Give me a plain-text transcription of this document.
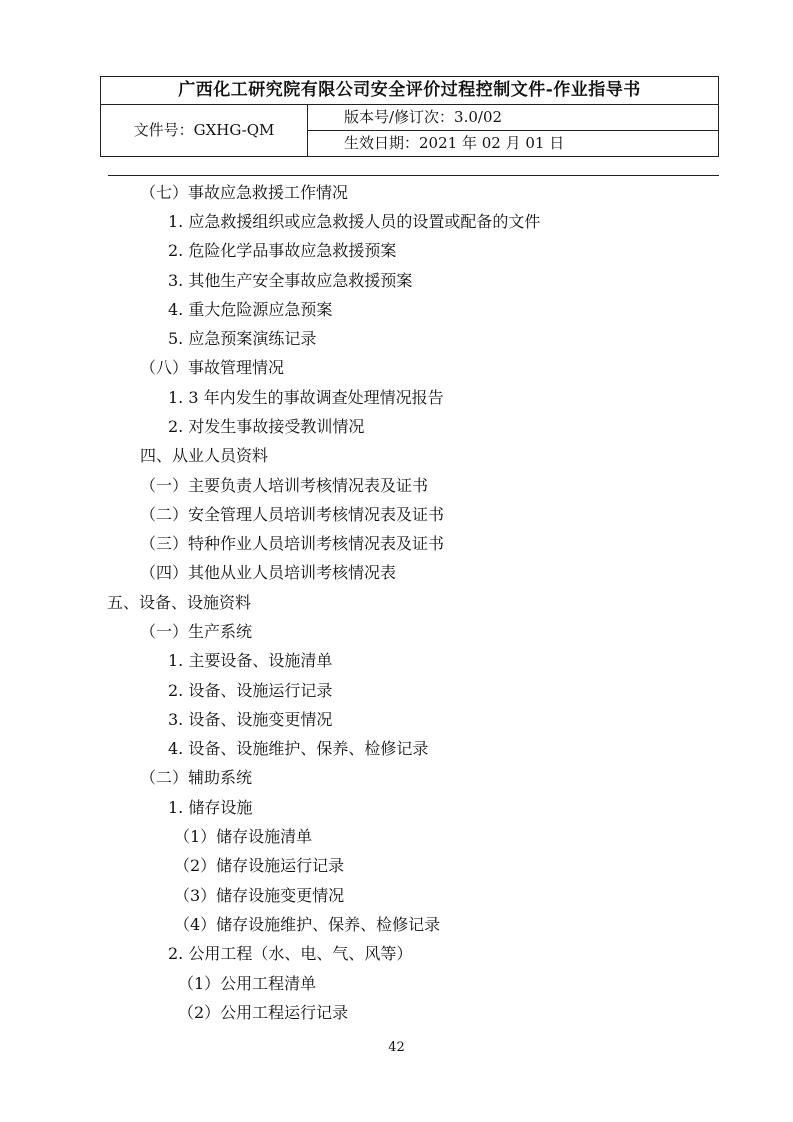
广西化工研究院有限公司安全评价过程控制文件-作业指导书
文件号：GXHG-QM
版本号/修订次：3.0/02
生效日期：2021 年 02 月 01 日
（七）事故应急救援工作情况
1. 应急救援组织或应急救援人员的设置或配备的文件
2. 危险化学品事故应急救援预案
3. 其他生产安全事故应急救援预案
4. 重大危险源应急预案
5. 应急预案演练记录
（八）事故管理情况
1. 3 年内发生的事故调查处理情况报告
2. 对发生事故接受教训情况
四、从业人员资料
（一）主要负责人培训考核情况表及证书
（二）安全管理人员培训考核情况表及证书
（三）特种作业人员培训考核情况表及证书
（四）其他从业人员培训考核情况表
五、设备、设施资料
（一）生产系统
1. 主要设备、设施清单
2. 设备、设施运行记录
3. 设备、设施变更情况
4. 设备、设施维护、保养、检修记录
（二）辅助系统
1. 储存设施
（1）储存设施清单
（2）储存设施运行记录
（3）储存设施变更情况
（4）储存设施维护、保养、检修记录
2. 公用工程（水、电、气、风等）
（1）公用工程清单
（2）公用工程运行记录
42
